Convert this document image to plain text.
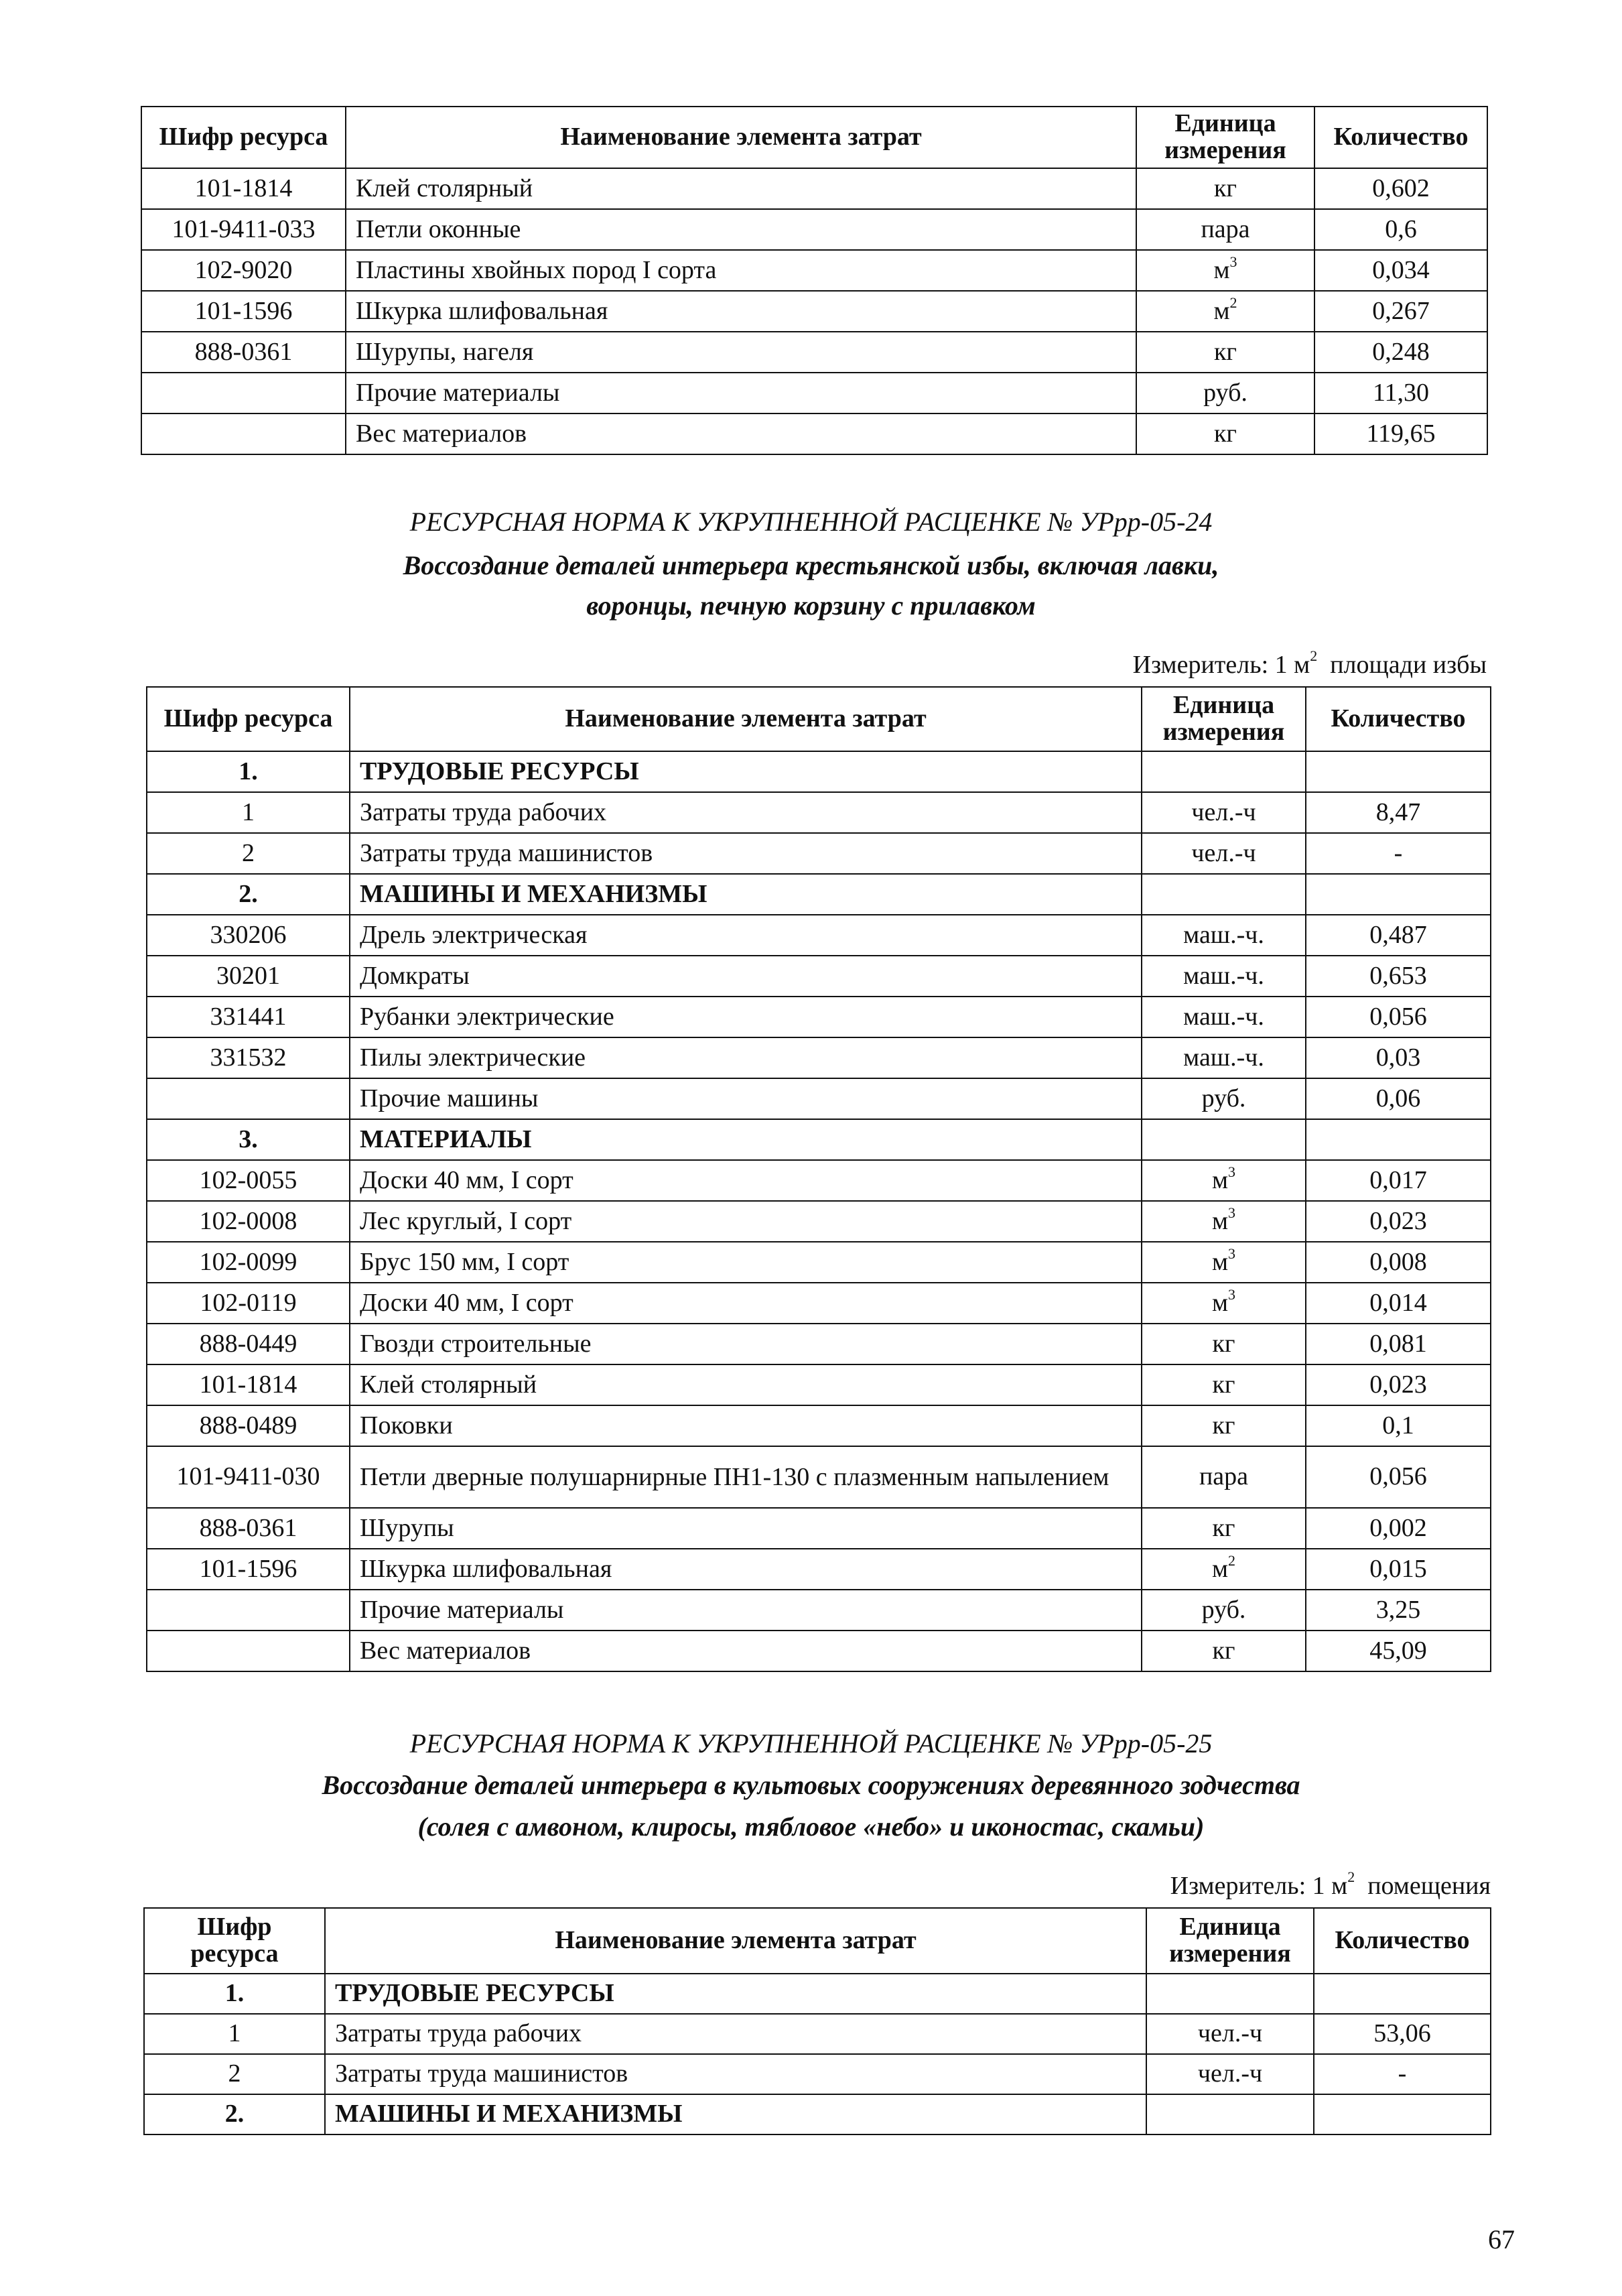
Шифр ресурса	Наименование элемента затрат	Единица измерения	Количество
101-1814	Клей столярный	кг	0,602
101-9411-033	Петли оконные	пара	0,6
102-9020	Пластины хвойных пород I сорта	$м^3$	0,034
101-1596	Шкурка шлифовальная	$м^2$	0,267
888-0361	Шурупы, нагеля	кг	0,248
	Прочие материалы	руб.	11,30
	Вес материалов	кг	119,65
РЕСУРСНАЯ НОРМА К УКРУПНЕННОЙ РАСЦЕНКЕ № УРрр-05-24
Воссоздание деталей интерьера крестьянской избы, включая лавки,
воронцы, печную корзину с прилавком
Измеритель: 1 $м^2$ площади избы
Шифр ресурса	Наименование элемента затрат	Единица измерения	Количество
1.	ТРУДОВЫЕ РЕСУРСЫ		
1	Затраты труда рабочих	чел.-ч	8,47
2	Затраты труда машинистов	чел.-ч	-
2.	МАШИНЫ И МЕХАНИЗМЫ		
330206	Дрель электрическая	маш.-ч.	0,487
30201	Домкраты	маш.-ч.	0,653
331441	Рубанки электрические	маш.-ч.	0,056
331532	Пилы электрические	маш.-ч.	0,03
	Прочие машины	руб.	0,06
3.	МАТЕРИАЛЫ		
102-0055	Доски 40 мм, I сорт	$м^3$	0,017
102-0008	Лес круглый, I сорт	$м^3$	0,023
102-0099	Брус 150 мм, I сорт	$м^3$	0,008
102-0119	Доски 40 мм, I сорт	$м^3$	0,014
888-0449	Гвозди строительные	кг	0,081
101-1814	Клей столярный	кг	0,023
888-0489	Поковки	кг	0,1
101-9411-030	Петли дверные полушарнирные ПН1-130 с плазменным напылением	пара	0,056
888-0361	Шурупы	кг	0,002
101-1596	Шкурка шлифовальная	$м^2$	0,015
	Прочие материалы	руб.	3,25
	Вес материалов	кг	45,09
РЕСУРСНАЯ НОРМА К УКРУПНЕННОЙ РАСЦЕНКЕ № УРрр-05-25
Воссоздание деталей интерьера в культовых сооружениях деревянного зодчества
(солея с амвоном, клиросы, тябловое «небо» и иконостас, скамьи)
Измеритель: 1 $м^2$ помещения
Шифр ресурса	Наименование элемента затрат	Единица измерения	Количество
1.	ТРУДОВЫЕ РЕСУРСЫ		
1	Затраты труда рабочих	чел.-ч	53,06
2	Затраты труда машинистов	чел.-ч	-
2.	МАШИНЫ И МЕХАНИЗМЫ		
67
